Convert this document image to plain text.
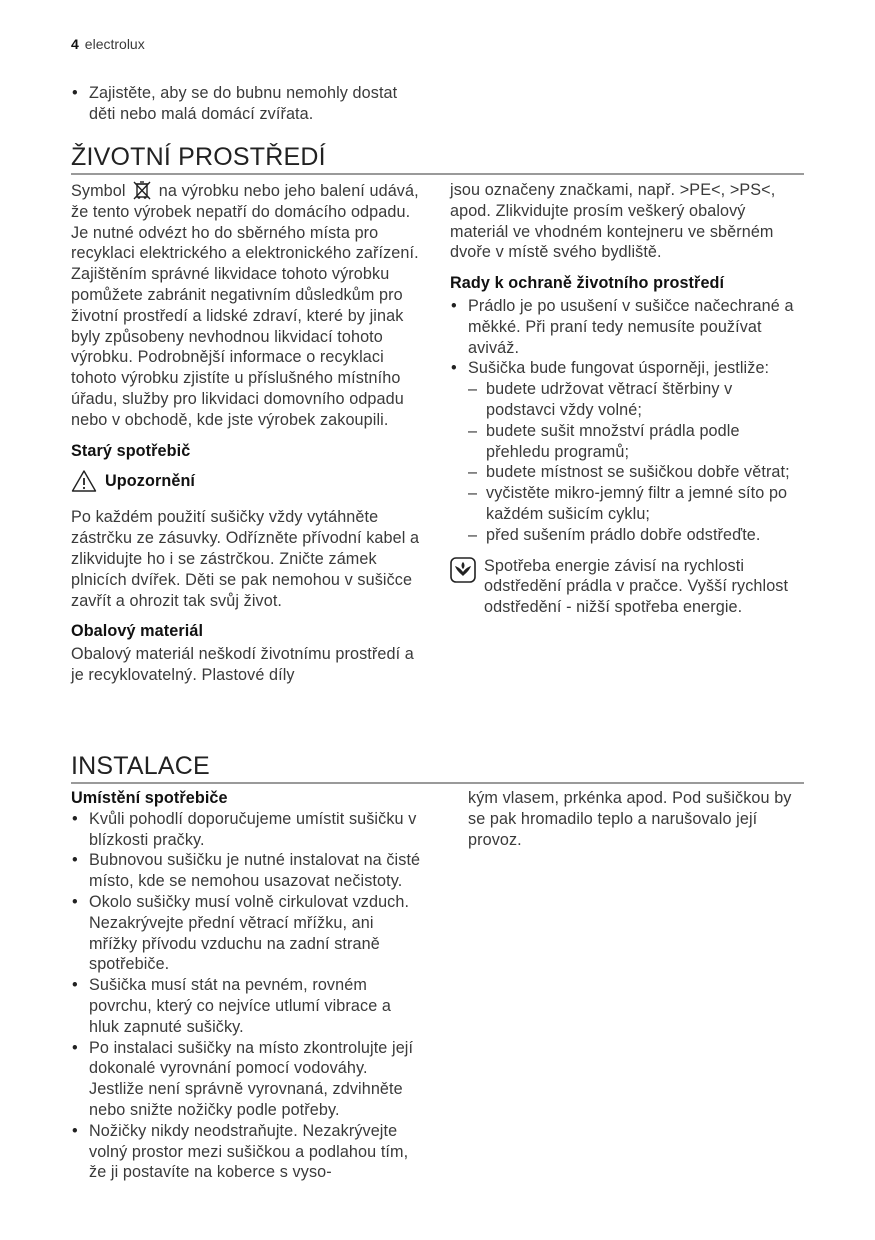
4 electrolux
• Zajistěte, aby se do bubnu nemohly dostat děti nebo malá domácí zvířata.
ŽIVOTNÍ PROSTŘEDÍ

Symbol na výrobku nebo jeho balení udává, že tento výrobek nepatří do domácího odpadu. Je nutné odvézt ho do sběrného místa pro recyklaci elektrického a elektronického zařízení. Zajištěním správné likvidace tohoto výrobku pomůžete zabránit negativním důsledkům pro životní prostředí a lidské zdraví, které by jinak byly způsobeny nevhodnou likvidací tohoto výrobku. Podrobnější informace o recyklaci tohoto výrobku zjistíte u příslušného místního úřadu, služby pro likvidaci domovního odpadu nebo v obchodě, kde jste výrobek zakoupili.

Starý spotřebič
Upozornění

Po každém použití sušičky vždy vytáhněte zástrčku ze zásuvky. Odřízněte přívodní kabel a zlikvidujte ho i se zástrčkou. Zničte zámek plnicích dvířek. Děti se pak nemohou v sušičce zavřít a ohrozit tak svůj život.

Obalový materiál

Obalový materiál neškodí životnímu prostředí a je recyklovatelný. Plastové díly

jsou označeny značkami, např. >PE<, >PS<, apod. Zlikvidujte prosím veškerý obalový materiál ve vhodném kontejneru ve sběrném dvoře v místě svého bydliště.

Rady k ochraně životního prostředí
• Prádlo je po usušení v sušičce načechrané a měkké. Při praní tedy nemusíte používat aviváž.
• Sušička bude fungovat úsporněji, jestliže:
– budete udržovat větrací štěrbiny v podstavci vždy volné;
– budete sušit množství prádla podle přehledu programů;
– budete místnost se sušičkou dobře větrat;
– vyčistěte mikro-jemný filtr a jemné síto po každém sušicím cyklu;
– před sušením prádlo dobře odstřeďte.

Spotřeba energie závisí na rychlosti odstředění prádla v pračce. Vyšší rychlost odstředění - nižší spotřeba energie.

INSTALACE
Umístění spotřebiče
• Kvůli pohodlí doporučujeme umístit sušičku v blízkosti pračky.
• Bubnovou sušičku je nutné instalovat na čisté místo, kde se nemohou usazovat nečistoty.
• Okolo sušičky musí volně cirkulovat vzduch. Nezakrývejte přední větrací mřížku, ani mřížky přívodu vzduchu na zadní straně spotřebiče.
• Sušička musí stát na pevném, rovném povrchu, který co nejvíce utlumí vibrace a hluk zapnuté sušičky.
• Po instalaci sušičky na místo zkontrolujte její dokonalé vyrovnání pomocí vodováhy. Jestliže není správně vyrovnaná, zdvihněte nebo snižte nožičky podle potřeby.
• Nožičky nikdy neodstraňujte. Nezakrývejte volný prostor mezi sušičkou a podlahou tím, že ji postavíte na koberce s vyso-

kým vlasem, prkénka apod. Pod sušičkou by se pak hromadilo teplo a narušovalo její provoz.
